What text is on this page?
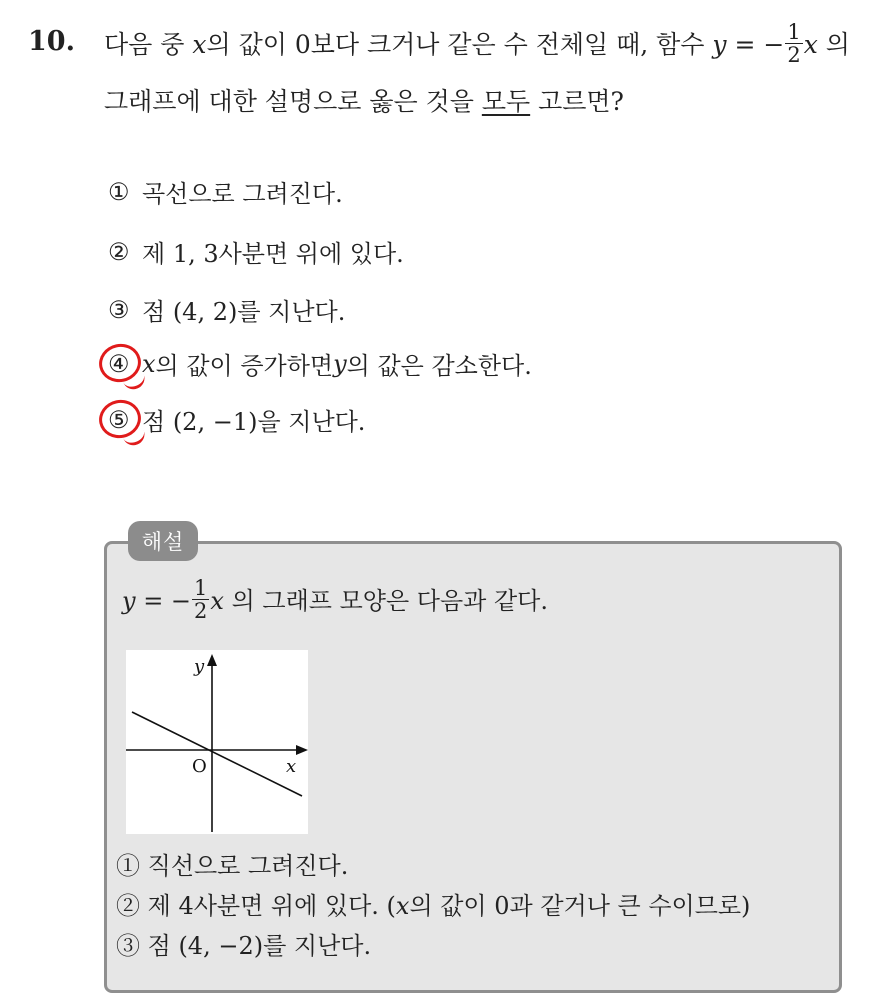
10. 다음 중 x의 값이 0보다 크거나 같은 수 전체일 때, 함수 y = − $\frac{1}{2}$ x 의
그래프에 대한 설명으로 옳은 것을 모두 고르면?
① 곡선으로 그려진다.
② 제 1, 3사분면 위에 있다.
③ 점 (4, 2)를 지난다.
④ x 의 값이 증가하면 y 의 값은 감소한다.
⑤ 점 (2, −1)을 지난다.
해설
y = − $\frac{1}{2}$ x 의 그래프 모양은 다음과 같다.
y
x
O
① 직선으로 그려진다.
② 제 4사분면 위에 있다. (x의 값이 0과 같거나 큰 수이므로)
③ 점 (4, −2)를 지난다.
